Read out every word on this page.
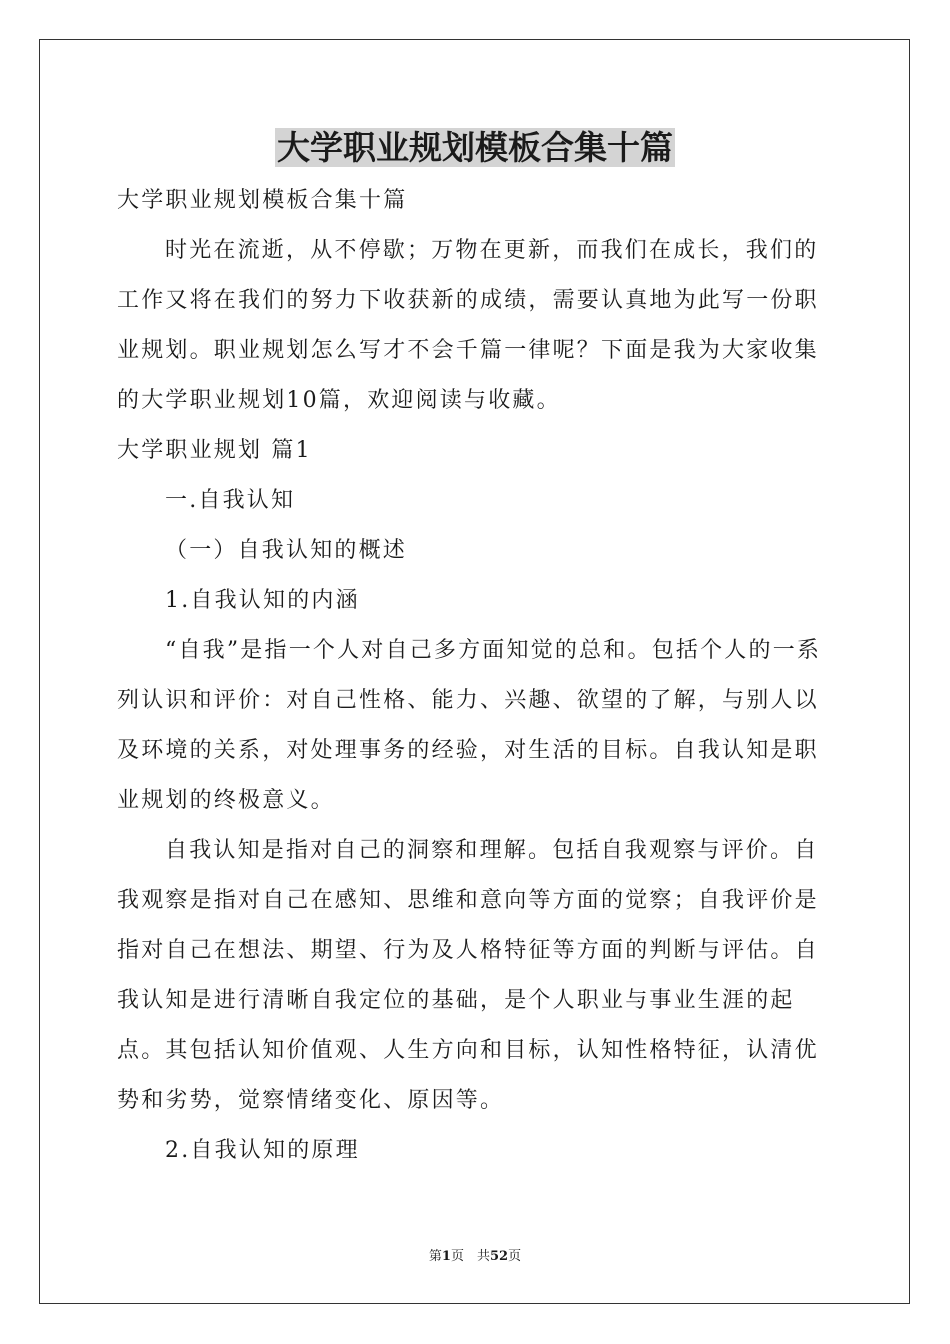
大学职业规划模板合集十篇

大学职业规划模板合集十篇

时光在流逝，从不停歇；万物在更新，而我们在成长，我们的工作又将在我们的努力下收获新的成绩，需要认真地为此写一份职业规划。职业规划怎么写才不会千篇一律呢？下面是我为大家收集的大学职业规划10篇，欢迎阅读与收藏。

大学职业规划 篇1

一.自我认知

（一）自我认知的概述

1.自我认知的内涵

“自我”是指一个人对自己多方面知觉的总和。包括个人的一系列认识和评价：对自己性格、能力、兴趣、欲望的了解，与别人以及环境的关系，对处理事务的经验，对生活的目标。自我认知是职业规划的终极意义。

自我认知是指对自己的洞察和理解。包括自我观察与评价。自我观察是指对自己在感知、思维和意向等方面的觉察；自我评价是指对自己在想法、期望、行为及人格特征等方面的判断与评估。自我认知是进行清晰自我定位的基础，是个人职业与事业生涯的起点。其包括认知价值观、人生方向和目标，认知性格特征，认清优势和劣势，觉察情绪变化、原因等。

2.自我认知的原理

第1页　共52页
